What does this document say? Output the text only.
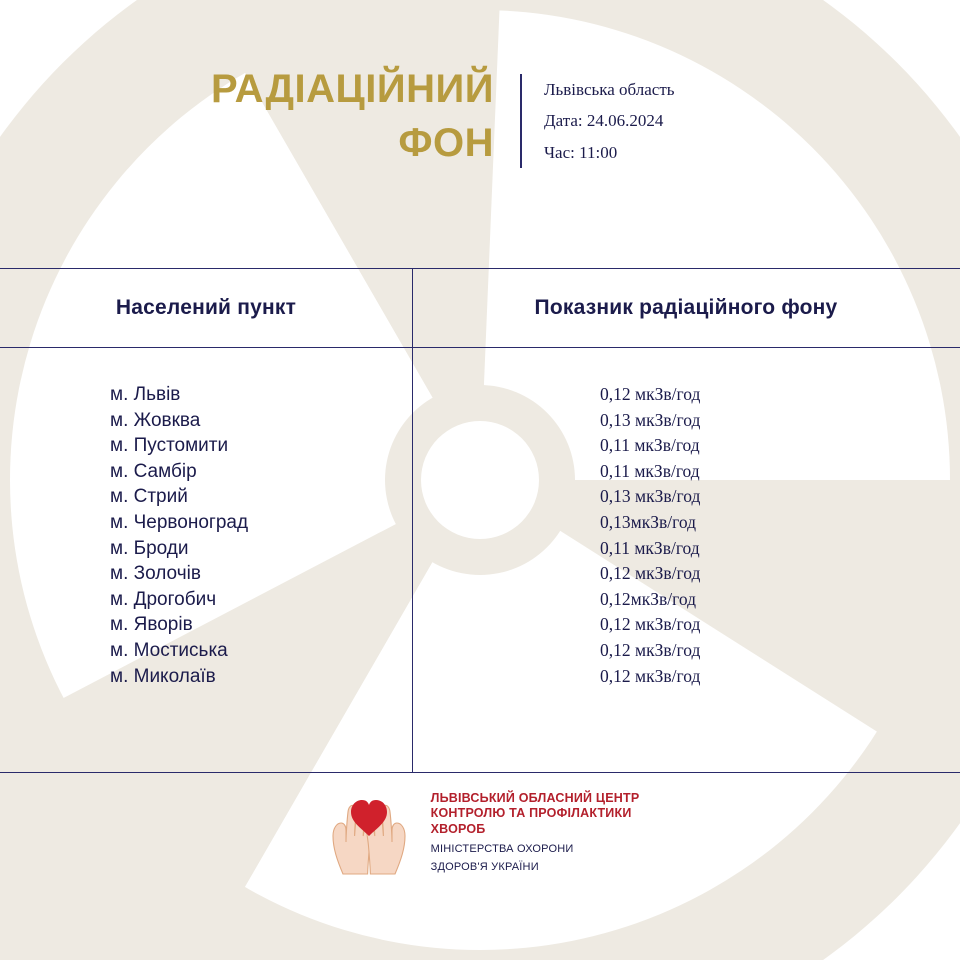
РАДІАЦІЙНИЙ
ФОН
Львівська область
Дата: 24.06.2024
Час: 11:00
Населений пункт	Показник радіаційного фону
м. Львів
м. Жовква
м. Пустомити
м. Самбір
м. Стрий
м. Червоноград
м. Броди
м. Золочів
м. Дрогобич
м. Яворів
м. Мостиська
м. Миколаїв
0,12 мкЗв/год
0,13 мкЗв/год
0,11 мкЗв/год
0,11 мкЗв/год
0,13 мкЗв/год
0,13мкЗв/год
0,11 мкЗв/год
0,12 мкЗв/год
0,12мкЗв/год
0,12 мкЗв/год
0,12 мкЗв/год
0,12 мкЗв/год
ЛЬВІВСЬКИЙ ОБЛАСНИЙ ЦЕНТР
КОНТРОЛЮ ТА ПРОФІЛАКТИКИ
ХВОРОБ
МІНІСТЕРСТВА ОХОРОНИ
ЗДОРОВ'Я УКРАЇНИ
